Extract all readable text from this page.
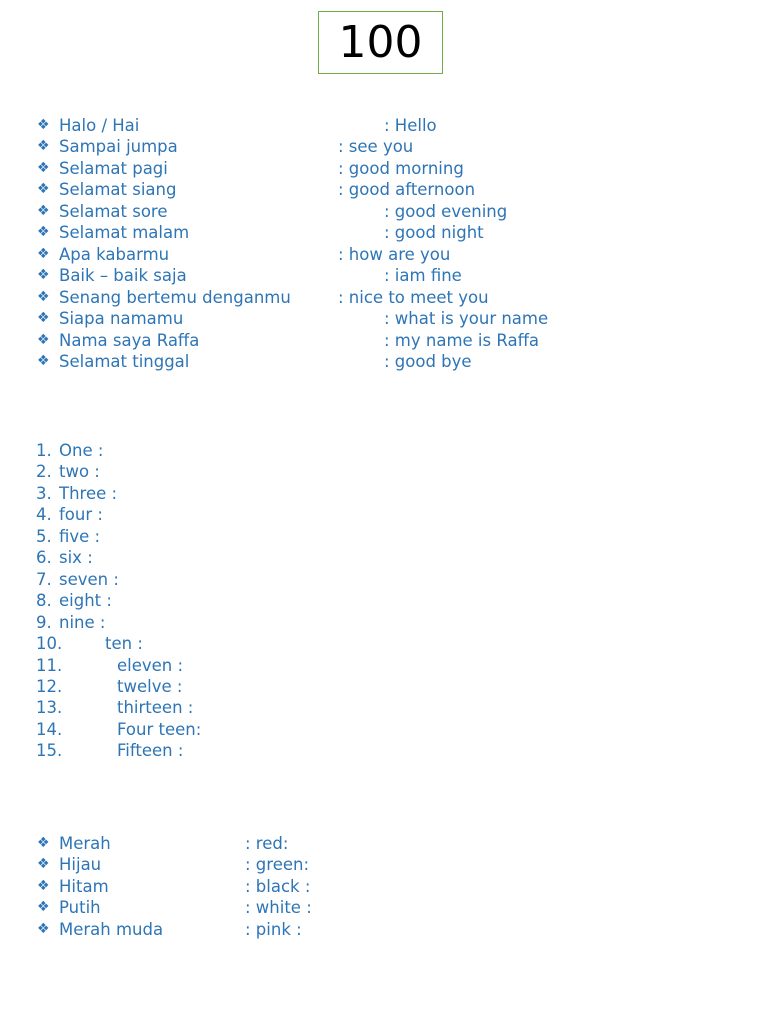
100
❖ Halo / Hai	: Hello
❖ Sampai jumpa	: see you
❖ Selamat pagi	: good morning
❖ Selamat siang	: good afternoon
❖ Selamat sore	: good evening
❖ Selamat malam	: good night
❖ Apa kabarmu	: how are you
❖ Baik – baik saja	: iam fine
❖ Senang bertemu denganmu	: nice to meet you
❖ Siapa namamu	: what is your name
❖ Nama saya Raffa	: my name is Raffa
❖ Selamat tinggal	: good bye
1. One :
2. two :
3. Three :
4. four :
5. five :
6. six :
7. seven :
8. eight :
9. nine :
10.	ten :
11.	eleven :
12.	twelve :
13.	thirteen :
14.	Four teen:
15.	Fifteen :
❖ Merah	: red:
❖ Hijau	: green:
❖ Hitam	: black :
❖ Putih	: white :
❖ Merah muda	: pink :
